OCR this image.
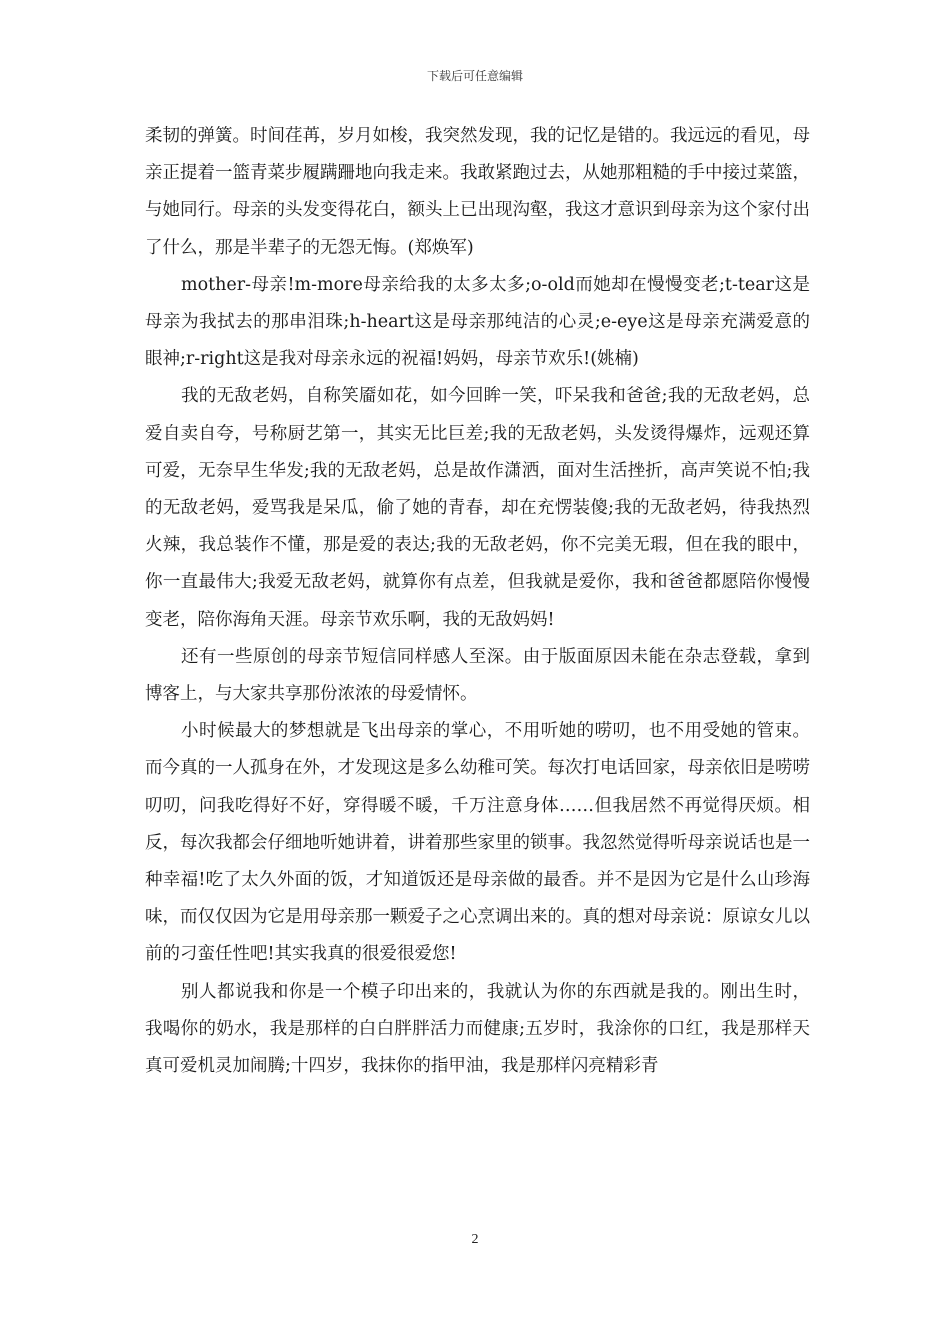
下载后可任意编辑

柔韧的弹簧。时间荏苒，岁月如梭，我突然发现，我的记忆是错的。我远远的看见，母亲正提着一篮青菜步履蹒跚地向我走来。我敢紧跑过去，从她那粗糙的手中接过菜篮，与她同行。母亲的头发变得花白，额头上已出现沟壑，我这才意识到母亲为这个家付出了什么，那是半辈子的无怨无悔。(郑焕军)

mother-母亲!m-more母亲给我的太多太多;o-old而她却在慢慢变老;t-tear这是母亲为我拭去的那串泪珠;h-heart这是母亲那纯洁的心灵;e-eye这是母亲充满爱意的眼神;r-right这是我对母亲永远的祝福!妈妈，母亲节欢乐!(姚楠)

我的无敌老妈，自称笑靥如花，如今回眸一笑，吓呆我和爸爸;我的无敌老妈，总爱自卖自夸，号称厨艺第一，其实无比巨差;我的无敌老妈，头发烫得爆炸，远观还算可爱，无奈早生华发;我的无敌老妈，总是故作潇洒，面对生活挫折，高声笑说不怕;我的无敌老妈，爱骂我是呆瓜，偷了她的青春，却在充愣装傻;我的无敌老妈，待我热烈火辣，我总装作不懂，那是爱的表达;我的无敌老妈，你不完美无瑕，但在我的眼中，你一直最伟大;我爱无敌老妈，就算你有点差，但我就是爱你，我和爸爸都愿陪你慢慢变老，陪你海角天涯。母亲节欢乐啊，我的无敌妈妈!

还有一些原创的母亲节短信同样感人至深。由于版面原因未能在杂志登载，拿到博客上，与大家共享那份浓浓的母爱情怀。

小时候最大的梦想就是飞出母亲的掌心，不用听她的唠叨，也不用受她的管束。而今真的一人孤身在外，才发现这是多么幼稚可笑。每次打电话回家，母亲依旧是唠唠叨叨，问我吃得好不好，穿得暖不暖，千万注意身体……但我居然不再觉得厌烦。相反，每次我都会仔细地听她讲着，讲着那些家里的锁事。我忽然觉得听母亲说话也是一种幸福!吃了太久外面的饭，才知道饭还是母亲做的最香。并不是因为它是什么山珍海味，而仅仅因为它是用母亲那一颗爱子之心烹调出来的。真的想对母亲说：原谅女儿以前的刁蛮任性吧!其实我真的很爱很爱您!

别人都说我和你是一个模子印出来的，我就认为你的东西就是我的。刚出生时，我喝你的奶水，我是那样的白白胖胖活力而健康;五岁时，我涂你的口红，我是那样天真可爱机灵加闹腾;十四岁，我抹你的指甲油，我是那样闪亮精彩青

2
